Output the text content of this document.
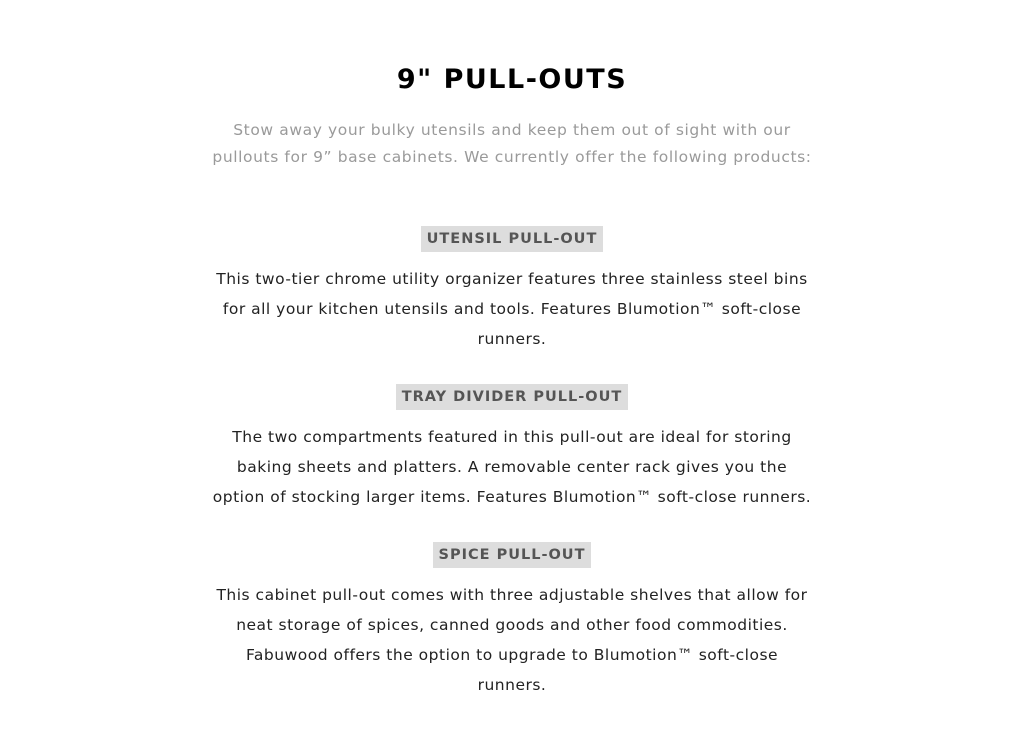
9" PULL-OUTS

Stow away your bulky utensils and keep them out of sight with our pullouts for 9” base cabinets. We currently offer the following products:

UTENSIL PULL-OUT

This two-tier chrome utility organizer features three stainless steel bins for all your kitchen utensils and tools. Features Blumotion™ soft-close runners.

TRAY DIVIDER PULL-OUT

The two compartments featured in this pull-out are ideal for storing baking sheets and platters. A removable center rack gives you the option of stocking larger items. Features Blumotion™ soft-close runners.

SPICE PULL-OUT

This cabinet pull-out comes with three adjustable shelves that allow for neat storage of spices, canned goods and other food commodities. Fabuwood offers the option to upgrade to Blumotion™ soft-close runners.
